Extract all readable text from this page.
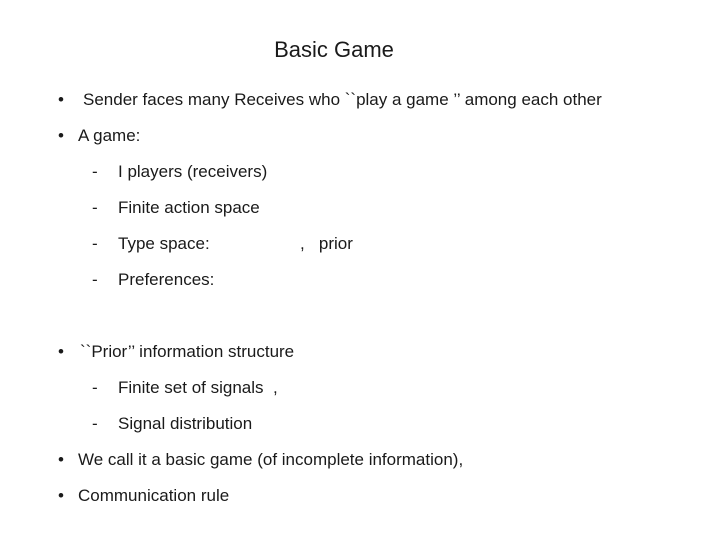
Basic Game
• Sender faces many Receives who ``play a game ’’ among each other
• A game:
- I players (receivers)
- Finite action space
- Type space:	,   prior
- Preferences:
• ``Prior’’ information structure
- Finite set of signals  ,
- Signal distribution
• We call it a basic game (of incomplete information),
• Communication rule
